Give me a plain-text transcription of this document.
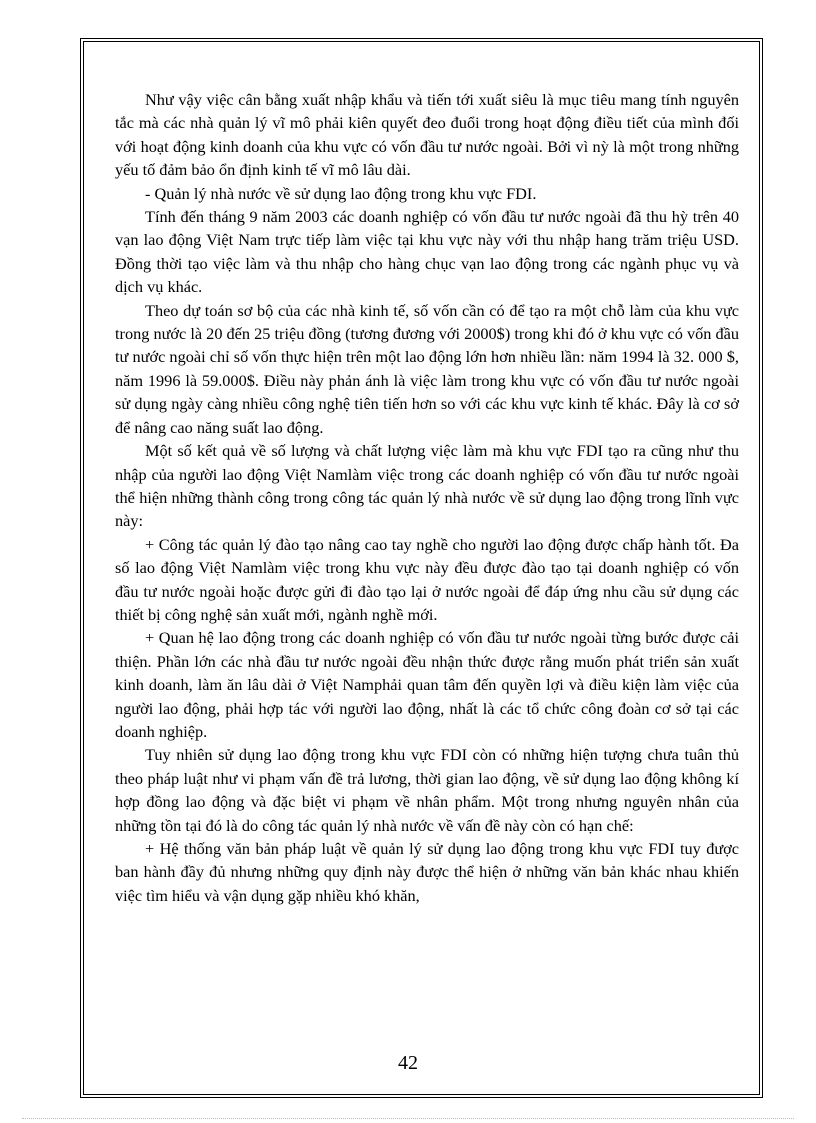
Như vậy việc cân bằng xuất nhập khẩu và tiến tới xuất siêu là mục tiêu mang tính nguyên tắc mà các nhà quản lý vĩ mô phải kiên quyết đeo đuổi trong hoạt động điều tiết của mình đối với hoạt động kinh doanh của khu vực có vốn đầu tư nước ngoài. Bởi vì nỳ là một trong những yếu tố đảm bảo ổn định kinh tế vĩ mô lâu dài.

- Quản lý nhà nước về sử dụng lao động trong khu vực FDI.

Tính đến tháng 9 năm 2003 các doanh nghiệp có vốn đầu tư nước ngoài đã thu hỳ trên 40 vạn lao động Việt Nam trực tiếp làm việc tại khu vực này với thu nhập hang trăm triệu USD. Đồng thời tạo việc làm và thu nhập cho hàng chục vạn lao động trong các ngành phục vụ và dịch vụ khác.

Theo dự toán sơ bộ của các nhà kinh tế, số vốn cần có để tạo ra một chỗ làm của khu vực trong nước là 20 đến 25 triệu đồng (tương đương với 2000$) trong khi đó ở khu vực có vốn đầu tư nước ngoài chỉ số vốn thực hiện trên một lao động lớn hơn nhiều lần: năm 1994 là 32. 000 $, năm 1996 là 59.000$. Điều này phản ánh là việc làm trong khu vực có vốn đầu tư nước ngoài sử dụng ngày càng nhiều công nghệ tiên tiến hơn so với các khu vực kinh tế khác. Đây là cơ sở để nâng cao năng suất lao động.

Một số kết quả về số lượng và chất lượng việc làm mà khu vực FDI tạo ra cũng như thu nhập của người lao động Việt Namlàm việc trong các doanh nghiệp có vốn đầu tư nước ngoài thể hiện những thành công trong công tác quản lý nhà nước về sử dụng lao động trong lĩnh vực này:

+ Công tác quản lý đào tạo nâng cao tay nghề cho người lao động được chấp hành tốt. Đa số lao động Việt Namlàm việc trong khu vực này đều được đào tạo tại doanh nghiệp có vốn đầu tư nước ngoài hoặc được gửi đi đào tạo lại ở nước ngoài để đáp ứng nhu cầu sử dụng các thiết bị công nghệ sản xuất mới, ngành nghề mới.

+ Quan hệ lao động trong các doanh nghiệp có vốn đầu tư nước ngoài từng bước được cải thiện. Phần lớn các nhà đầu tư nước ngoài đều nhận thức được rằng muốn phát triển sản xuất kinh doanh, làm ăn lâu dài ở Việt Namphải quan tâm đến quyền lợi và điều kiện làm việc của người lao động, phải hợp tác với người lao động, nhất là các tổ chức công đoàn cơ sở tại các doanh nghiệp.

Tuy nhiên sử dụng lao động trong khu vực FDI còn có những hiện tượng chưa tuân thủ theo pháp luật như vi phạm vấn đề trả lương, thời gian lao động, về sử dụng lao động không kí hợp đồng lao động và đặc biệt vi phạm về nhân phẩm. Một trong nhưng nguyên nhân của những tồn tại đó là do công tác quản lý nhà nước về vấn đề này còn có hạn chế:

+ Hệ thống văn bản pháp luật về quản lý sử dụng lao động trong khu vực FDI tuy được ban hành đầy đủ nhưng những quy định này được thể hiện ở những văn bản khác nhau khiến việc tìm hiểu và vận dụng gặp nhiều khó khăn,

42
